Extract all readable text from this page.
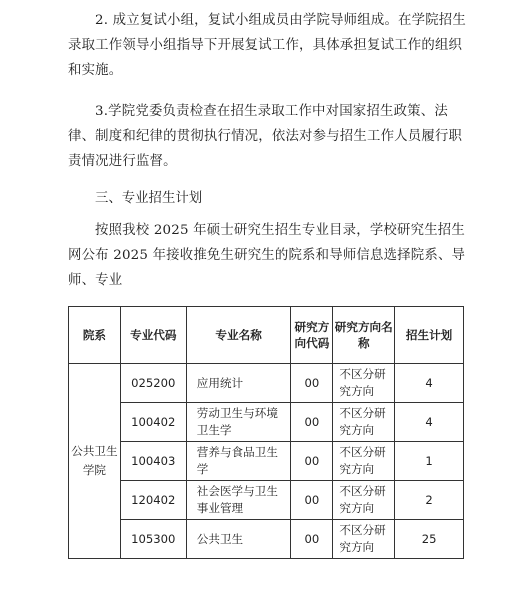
2. 成立复试小组，复试小组成员由学院导师组成。在学院招生录取工作领导小组指导下开展复试工作，具体承担复试工作的组织和实施。

3.学院党委负责检查在招生录取工作中对国家招生政策、法律、制度和纪律的贯彻执行情况，依法对参与招生工作人员履行职责情况进行监督。

三、专业招生计划

按照我校 2025 年硕士研究生招生专业目录，学校研究生招生网公布 2025 年接收推免生研究生的院系和导师信息选择院系、导师、专业

院系	专业代码	专业名称	研究方向代码	研究方向名称	招生计划
公共卫生学院	025200	应用统计	00	不区分研究方向	4
	100402	劳动卫生与环境卫生学	00	不区分研究方向	4
	100403	营养与食品卫生学	00	不区分研究方向	1
	120402	社会医学与卫生事业管理	00	不区分研究方向	2
	105300	公共卫生	00	不区分研究方向	25
